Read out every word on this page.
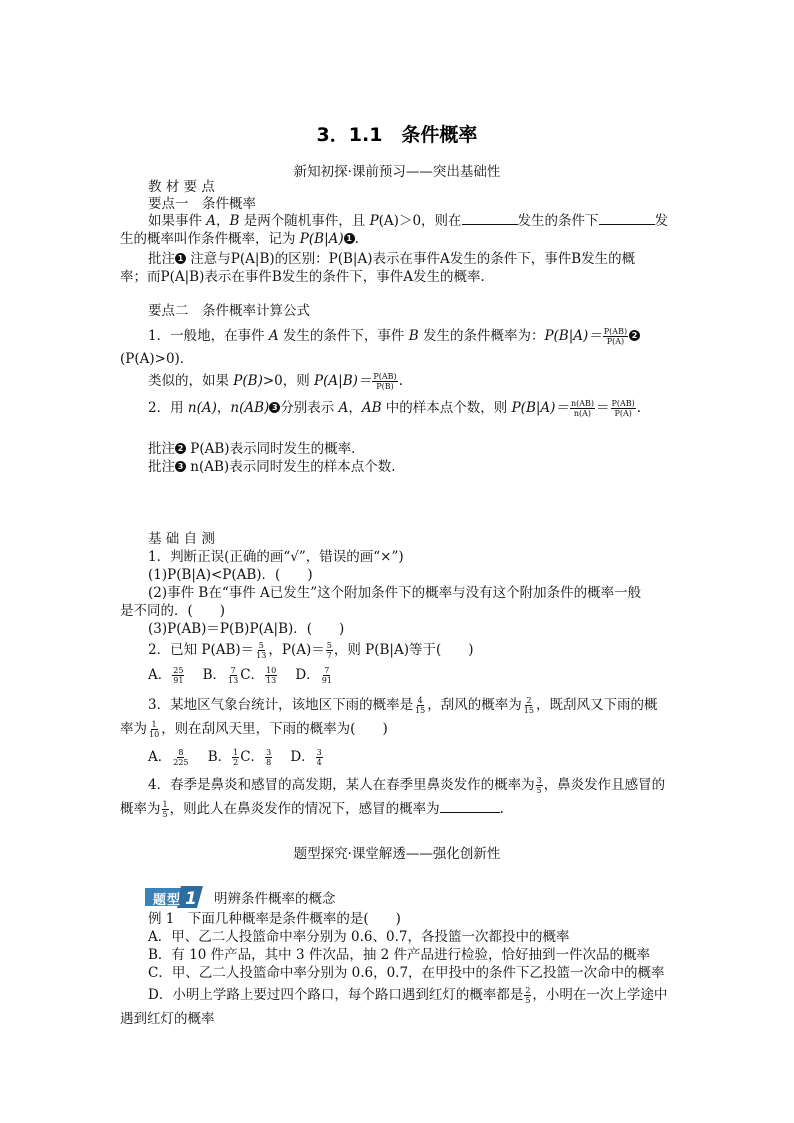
3．1.1　条件概率
新知初探·课前预习——突出基础性
教 材 要 点
要点一　条件概率
如果事件 A，B 是两个随机事件，且 P(A)＞0，则在	发生的条件下	发
生的概率叫作条件概率，记为 P(B|A) 1 .
批注 1 注意与P(A|B)的区别：P(B|A)表示在事件A发生的条件下，事件B发生的概
率；而P(A|B)表示在事件B发生的条件下，事件A发生的概率.
要点二　条件概率计算公式
1．一般地，在事件 A 发生的条件下，事件 B 发生的条件概率为：$P(B|A)= \frac{P(AB)}{P(A)} 2$
(P(A)>0)．
类似的，如果 P(B)>0，则 $P(A|B)= \frac{P(AB)}{P(B)}$ .
2．用 n(A)，n(AB) 3 分别表示 A，AB 中的样本点个数，则 $P(B|A)= \frac{n(AB)}{n(A)} = \frac{P(AB)}{P(A)}$ .
批注 2 P(AB)表示同时发生的概率.
批注 3 n(AB)表示同时发生的样本点个数.
基 础 自 测
1．判断正误(正确的画“√”，错误的画“×”)
(1)P(B|A)<P(AB)．(　　)
(2)事件 B在“事件 A已发生”这个附加条件下的概率与没有这个附加条件的概率一般
是不同的．(　　)
(3)P(AB)＝P(B)P(A|B)．(　　)
2．已知 $P(AB)= \frac{5}{13}$ ，$P(A)= \frac{5}{7}$ ，则 P(B|A)等于(　　)
A． $\frac{25}{91}$ B． $\frac{7}{13}$ C． $\frac{10}{13}$ D． $\frac{7}{91}$
3．某地区气象台统计，该地区下雨的概率是 $\frac{4}{15}$ ，刮风的概率为 $\frac{2}{15}$ ，既刮风又下雨的概
率为 $\frac{1}{10}$ ，则在刮风天里，下雨的概率为(　　)
A． $\frac{8}{225}$ B． $\frac{1}{2}$ C． $\frac{3}{8}$ D． $\frac{3}{4}$
4．春季是鼻炎和感冒的高发期，某人在春季里鼻炎发作的概率为 $\frac{3}{5}$ ，鼻炎发作且感冒的
概率为 $\frac{1}{5}$ ，则此人在鼻炎发作的情况下，感冒的概率为	.
题型探究·课堂解透——强化创新性
题型 1 明辨条件概率的概念
例 1　下面几种概率是条件概率的是(　　)
A．甲、乙二人投篮命中率分别为 0.6、0.7，各投篮一次都投中的概率
B．有 10 件产品，其中 3 件次品，抽 2 件产品进行检验，恰好抽到一件次品的概率
C．甲、乙二人投篮命中率分别为 0.6，0.7，在甲投中的条件下乙投篮一次命中的概率
D．小明上学路上要过四个路口，每个路口遇到红灯的概率都是 $\frac{2}{5}$ ，小明在一次上学途中
遇到红灯的概率
